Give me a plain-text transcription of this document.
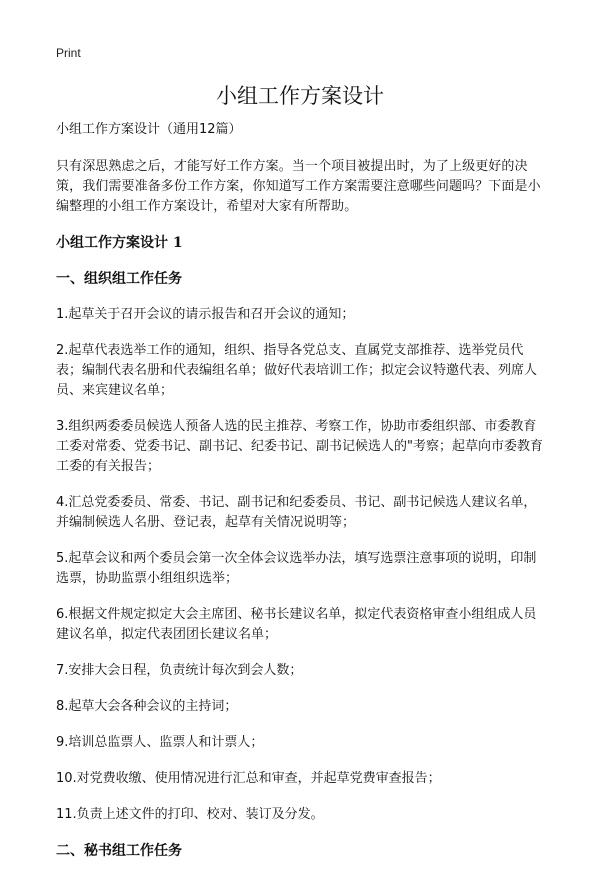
Print
小组工作方案设计
小组工作方案设计（通用12篇）

只有深思熟虑之后，才能写好工作方案。当一个项目被提出时，为了上级更好的决策，我们需要准备多份工作方案，你知道写工作方案需要注意哪些问题吗？下面是小编整理的小组工作方案设计，希望对大家有所帮助。

小组工作方案设计 1
一、组织组工作任务
1.起草关于召开会议的请示报告和召开会议的通知；
2.起草代表选举工作的通知，组织、指导各党总支、直属党支部推荐、选举党员代表；编制代表名册和代表编组名单；做好代表培训工作；拟定会议特邀代表、列席人员、来宾建议名单；
3.组织两委委员候选人预备人选的民主推荐、考察工作，协助市委组织部、市委教育工委对常委、党委书记、副书记、纪委书记、副书记候选人的"考察；起草向市委教育工委的有关报告；
4.汇总党委委员、常委、书记、副书记和纪委委员、书记、副书记候选人建议名单，并编制候选人名册、登记表，起草有关情况说明等；
5.起草会议和两个委员会第一次全体会议选举办法，填写选票注意事项的说明，印制选票，协助监票小组组织选举；
6.根据文件规定拟定大会主席团、秘书长建议名单，拟定代表资格审查小组组成人员建议名单，拟定代表团团长建议名单；
7.安排大会日程，负责统计每次到会人数；
8.起草大会各种会议的主持词；
9.培训总监票人、监票人和计票人；
10.对党费收缴、使用情况进行汇总和审查，并起草党费审查报告；
11.负责上述文件的打印、校对、装订及分发。
二、秘书组工作任务
